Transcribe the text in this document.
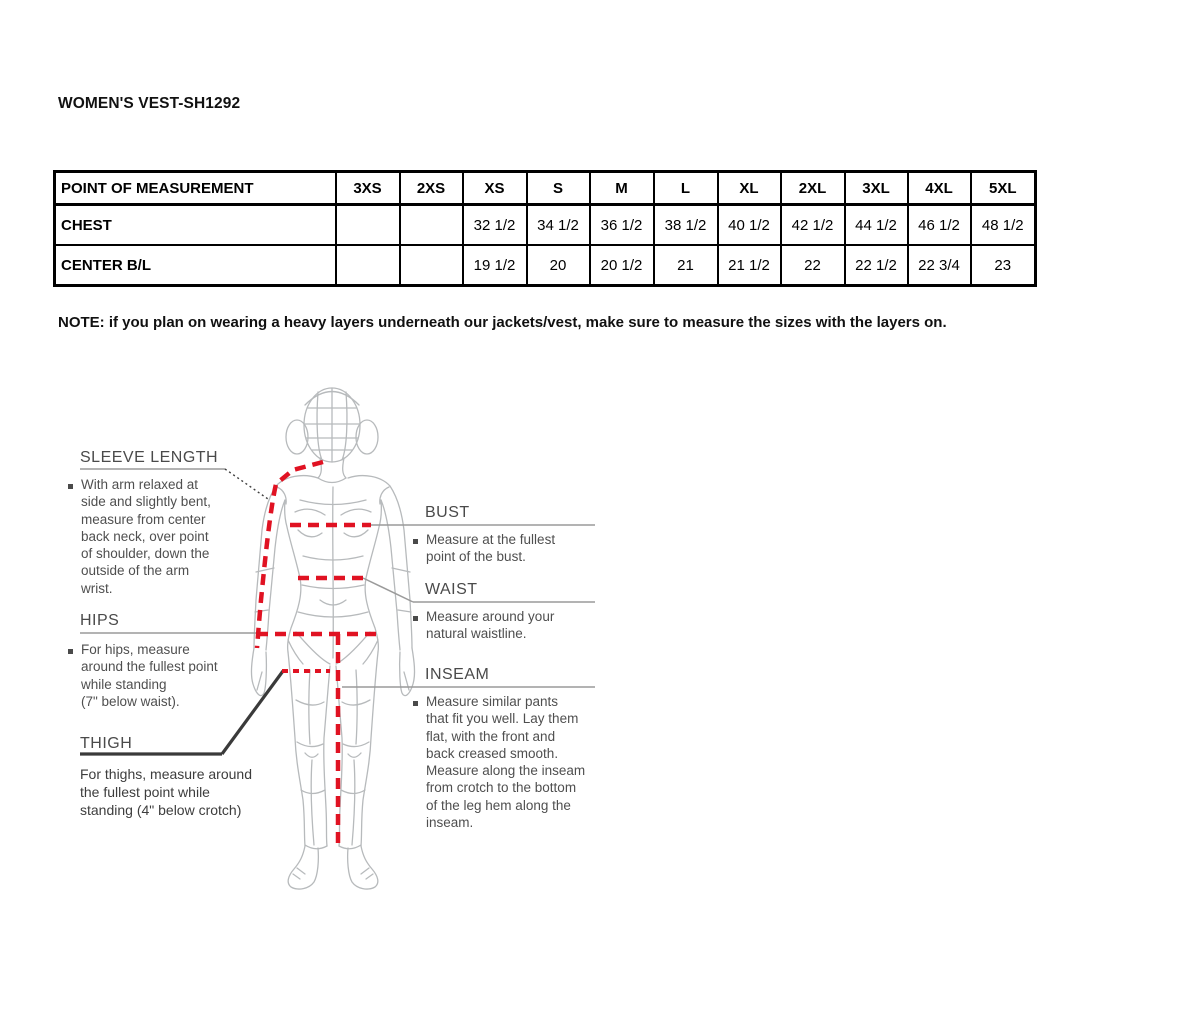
WOMEN'S VEST-SH1292
POINT OF MEASUREMENT	3XS	2XS	XS	S	M	L	XL	2XL	3XL	4XL	5XL
CHEST			32 1/2	34 1/2	36 1/2	38 1/2	40 1/2	42 1/2	44 1/2	46 1/2	48 1/2
CENTER B/L			19 1/2	20	20 1/2	21	21 1/2	22	22 1/2	22 3/4	23
NOTE: if you plan on wearing a heavy layers underneath our jackets/vest, make sure to measure the sizes with the layers on.
SLEEVE LENGTH
With arm relaxed at
side and slightly bent,
measure from center
back neck, over point
of shoulder, down the
outside of the arm
wrist.
HIPS
For hips, measure
around the fullest point
while standing
(7" below waist).
THIGH
For thighs, measure around
the fullest point while
standing (4" below crotch)
BUST
Measure at the fullest
point of the bust.
WAIST
Measure around your
natural waistline.
INSEAM
Measure similar pants
that fit you well. Lay them
flat, with the front and
back creased smooth.
Measure along the inseam
from crotch to the bottom
of the leg hem along the
inseam.
